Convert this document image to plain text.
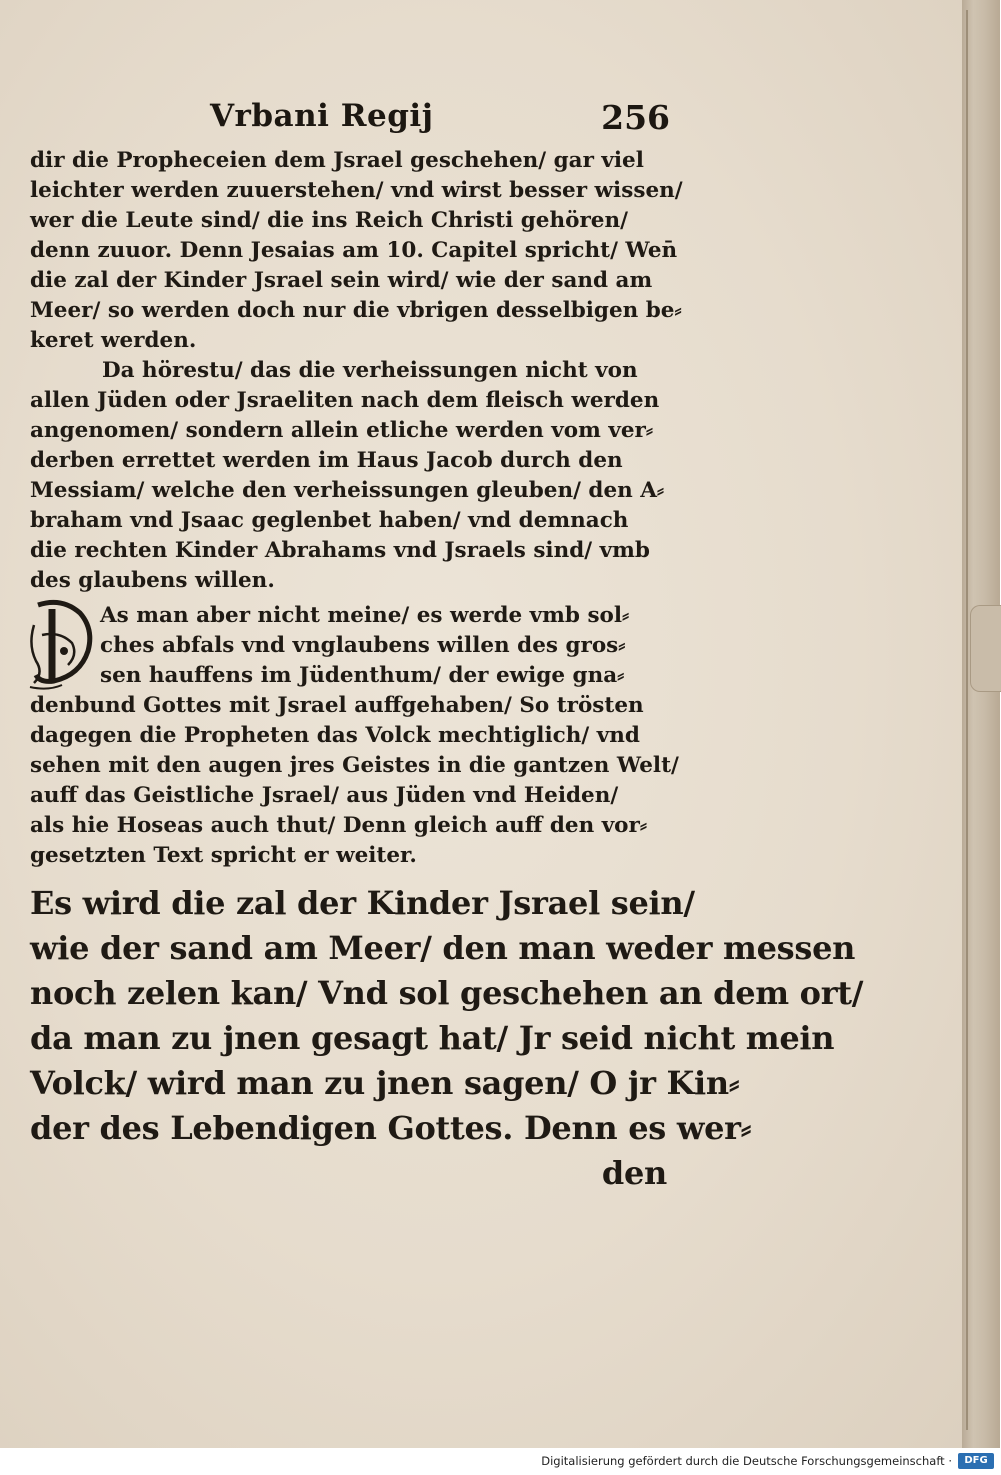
Vrbani Regij	256
dir die Propheceien dem Jsrael geschehen/ gar viel
leichter werden zuuerstehen/ vnd wirst besser wissen/
wer die Leute sind/ die ins Reich Christi gehören/
denn zuuor. Denn Jesaias am 10. Capitel spricht/ Wen̄
die zal der Kinder Jsrael sein wird/ wie der sand am
Meer/ so werden doch nur die vbrigen desselbigen be⸗
keret werden.
Da hörestu/ das die verheissungen nicht von
allen Jüden oder Jsraeliten nach dem fleisch werden
angenomen/ sondern allein etliche werden vom ver⸗
derben errettet werden im Haus Jacob durch den
Messiam/ welche den verheissungen gleuben/ den A⸗
braham vnd Jsaac geglenbet haben/ vnd demnach
die rechten Kinder Abrahams vnd Jsraels sind/ vmb
des glaubens willen.
As man aber nicht meine/ es werde vmb sol⸗
ches abfals vnd vnglaubens willen des gros⸗
sen hauffens im Jüdenthum/ der ewige gna⸗
denbund Gottes mit Jsrael auffgehaben/ So trösten
dagegen die Propheten das Volck mechtiglich/ vnd
sehen mit den augen jres Geistes in die gantzen Welt/
auff das Geistliche Jsrael/ aus Jüden vnd Heiden/
als hie Hoseas auch thut/ Denn gleich auff den vor⸗
gesetzten Text spricht er weiter.
Es wird die zal der Kinder Jsrael sein/
wie der sand am Meer/ den man weder messen
noch zelen kan/ Vnd sol geschehen an dem ort/
da man zu jnen gesagt hat/ Jr seid nicht mein
Volck/ wird man zu jnen sagen/ O jr Kin⸗
der des Lebendigen Gottes. Denn es wer⸗
den
Digitalisierung gefördert durch die Deutsche Forschungsgemeinschaft ·	DFG
